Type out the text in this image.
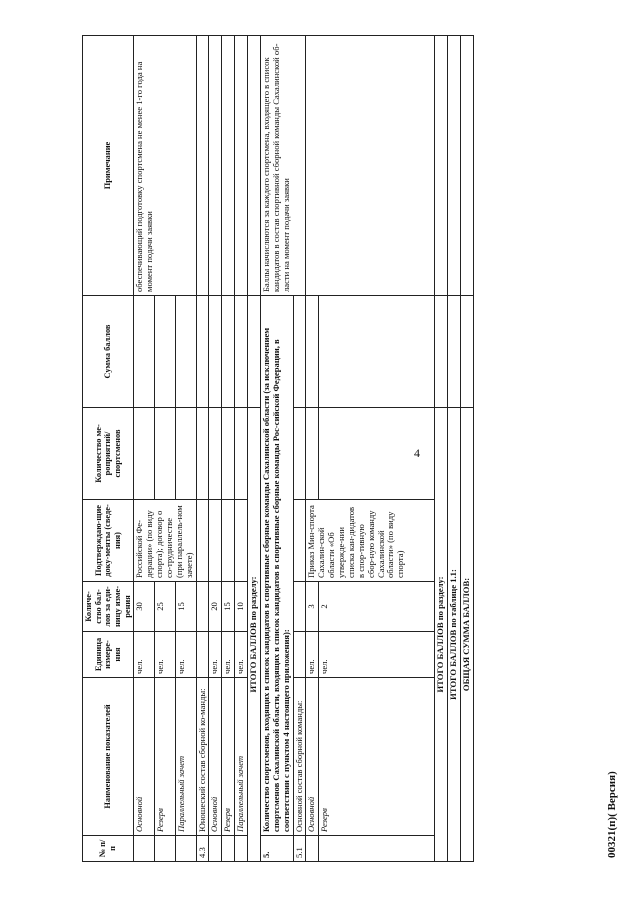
4
№ п/п	Наименование показателей	Единица измере-ния	Количе-ство бал-лов за еди-ницу изме-рения	Подтверждаю-щие доку-менты (сведе-ния)	Количество ме-роприятий/ спортсменов	Сумма баллов	Примечание
	Основной	чел.	30	Российской Фе-дерации» (по виду спорта); договор о со-трудничестве (при параллель-ном зачете)			обеспечивающий подготовку спортсмена не менее 1-го года на момент подачи заявки
	Резерв	чел.	25				
	Параллельный зачет	чел.	15				
4.3	Юношеский состав сборной ко-манды:						
	Основной	чел.	20				
	Резерв	чел.	15				
	Параллельный зачет	чел.	10				
ИТОГО БАЛЛОВ по разделу:							
5.	Количество спортсменов, входящих в список кандидатов в спортивные сборные команды Сахалинской области (за исключением спортсменов Сахалинской области, входящих в список кандидатов в спортивные сборные команды Рос-сийской Федерации, в соответствии с пунктом 4 настоящего приложения):						Баллы начисляются за каждого спортсмена, входящего в список кандидатов в состав спортивной сборной команды Сахалинской об-ласти на момент подачи заявки
5.1	Основной состав сборной команды:						
	Основной	чел.	3	Приказ Мин-спорта Сахалин-ской области «Об утвержде-нии списка кан-дидатов в спор-тивную сбор-ную команду Сахалинской области» (по виду спорта)			
	Резерв	чел.	2				
ИТОГО БАЛЛОВ по разделу:							
ИТОГО БАЛЛОВ по таблице 1.1:							
ОБЩАЯ СУММА БАЛЛОВ:							
00321(п)( Версия)
